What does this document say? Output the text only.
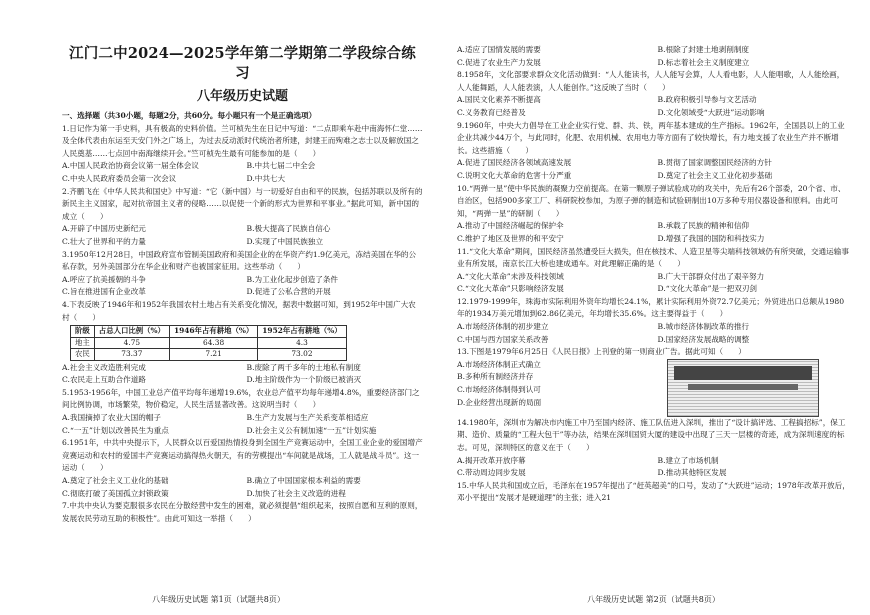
江门二中2024—2025学年第二学期第二学段综合练习
八年级历史试题

一、选择题（共30小题，每题2分，共60分。每小题只有一个是正确选项）

1.日记作为第一手史料，具有极高的史料价值。兰可桢先生在日记中写道：“二点即乘车赴中南海怀仁堂……及全体代表由东运至天安门外之广场上，为过去反动派时代统治者所建，封建王而殉难之志士以及解放国之人民奠基……七点回中南海继续开会。”竺可桢先生最有可能参加的是（　　）

A.中国人民政治协商会议第一届全体会议	B.中共七届二中全会
C.中央人民政府委员会第一次会议	D.中共七大

2.齐鹏飞在《中华人民共和国史》中写道：“它（新中国）与一切爱好自由和平的民族，包括苏联以及所有的新民主主义国家，起对抗帝国主义者的侵略……以促使一个新的形式为世界和平事业。”据此可知，新中国的成立（　　）

A.开辟了中国历史新纪元	B.极大提高了民族自信心
C.壮大了世界和平的力量	D.实现了中国民族独立

3.1950年12月28日，中国政府宣布管制美国政府和美国企业的在华资产约1.9亿美元，冻结美国在华的公私存款，另外美国部分在华企业和财产也被国家征用。这些举动（　　）

A.呼应了抗美援朝的斗争	B.为工业化起步创造了条件
C.旨在推进国有企业改革	D.促进了公私合营的开展

4.下表反映了1946年和1952年我国农村土地占有关系变化情况，据表中数据可知，到1952年中国广大农村（　　）

阶级	占总人口比例（%）	1946年占有耕地（%）	1952年占有耕地（%）
地主	4.75	64.38	4.3
农民	73.37	7.21	73.02
A.社会主义改造胜利完成	B.废除了两千多年的土地私有制度
C.农民走上互助合作道路	D.地主阶级作为一个阶级已被消灭

5.1953-1956年，中国工业总产值平均每年递增19.6%，农业总产值平均每年递增4.8%，重要经济部门之间比例协调，市场繁荣，物价稳定，人民生活显著改善。这说明当时（　　）

A.我国摘掉了农业大国的帽子	B.生产力发展与生产关系变革相适应
C.“一五”计划以改善民生为重点	D.社会主义公有制加速“一五”计划实施

6.1951年，中共中央提示下，人民群众以百爱国热情投身到全国生产竞赛运动中，全国工业企业的爱国增产竞赛运动和农村的爱国丰产竞赛运动搞得热火朝天，有的劳模提出“车间就是战场，工人就是战斗员”。这一运动（　　）

A.奠定了社会主义工业化的基础	B.确立了中国国家根本利益的需要
C.彻底打破了美国孤立封锁政策	D.加快了社会主义改造的进程

7.中共中央认为要克服很多农民在分散经营中发生的困难，就必须提倡“组织起来，按照自愿和互利的原则，发展农民劳动互助的积极性”。由此可知这一举措（　　）

八年级历史试题 第1页（试题共8页）
A.适应了国情发展的需要	B.根除了封建土地剥削制度
C.促进了农业生产力发展	D.标志着社会主义制度建立

8.1958年，文化部要求群众文化活动做到：“人人能读书，人人能写会算，人人看电影，人人能唱歌，人人能绘画，人人能舞蹈，人人能表演，人人能创作。”这反映了当时（　　）

A.国民文化素养不断提高	B.政府积极引导参与文艺活动
C.义务教育已经普及	D.文化领域受“大跃进”运动影响

9.1960年，中央大力倡导在工业企业实行党、群、共、铁，两年基本建成的生产指标。1962年，全国县以上的工业企业共减少44万个，与此同时，化肥、农用机械、农用电力等方面有了较快增长，有力地支援了农业生产并不断增长。这些措施（　　）

A.促进了国民经济各领域高速发展	B.贯彻了国家调整国民经济的方针
C.说明文化大革命的危害十分严重	D.奠定了社会主义工业化初步基础

10.“两弹一星”使中华民族的凝聚力空前提高。在第一颗原子弹试验成功的攻关中，先后有26个部委，20个省、市、自治区，包括900多家工厂、科研院校参加，为原子弹的制造和试验研制出10万多种专用仪器设备和原料。由此可知，“两弹一星”的研制（　　）

A.推动了中国经济崛起的保护伞	B.承载了民族的精神和信仰
C.维护了地区及世界的和平安宁	D.增强了我国的国防和科技实力

11.“文化大革命”期间，国民经济虽然遭受巨大损失，但在核技术、人造卫星等尖端科技领域仍有所突破，交通运输事业有所发展，南京长江大桥也建成通车。对此理解正确的是（　　）

A.“文化大革命”未涉及科技领域	B.广大干部群众付出了艰辛努力
C.“文化大革命”只影响经济发展	D.“文化大革命”是一把双刃剑

12.1979-1999年，珠海市实际利用外资年均增长24.1%，累计实际利用外资72.7亿美元；外贸进出口总额从1980年的1934万美元增加到62.86亿美元，年均增长35.6%。这主要得益于（　　）

A.市场经济体制的初步建立	B.城市经济体制改革的推行
C.中国与西方国家关系改善	D.国家经济发展战略的调整

13.下图是1979年6月25日《人民日报》上刊登的第一则商业广告。据此可知（　　）

A.市场经济体制正式确立
B.多种所有制经济并存
C.市场经济体制得到认可
D.企业经营出现新的局面

14.1980年，深圳市为解决市内施工中乃至国内经济、施工队伍进入深圳，推出了“设计搞评选、工程搞招标”，保工期、造价、质量的“工程大包干”等办法，结果在深圳国贸大厦的建设中出现了三天一层楼的奇迹，成为深圳速度的标志。可见，深圳特区的意义在于（　　）

A.揭开改革开放序幕	B.建立了市场机制
C.带动周边同步发展	D.推动其他特区发展

15.中华人民共和国成立后，毛泽东在1957年提出了“赶英超美”的口号，发动了“大跃进”运动；1978年改革开放后，邓小平提出“发展才是硬道理”的主张；进入21

八年级历史试题 第2页（试题共8页）
